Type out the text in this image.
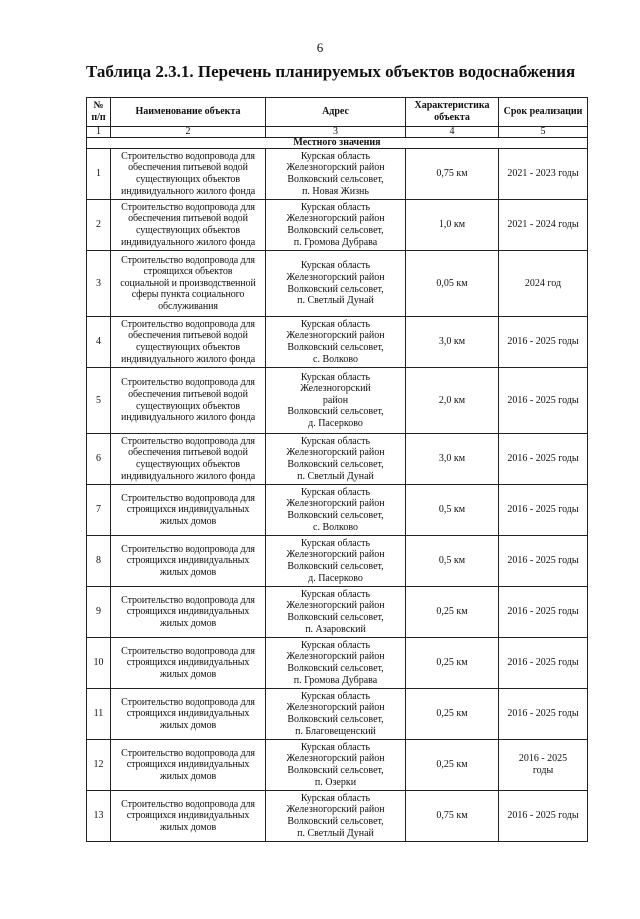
6
Таблица 2.3.1. Перечень планируемых объектов водоснабжения
№ п/п	Наименование объекта	Адрес	Характеристика объекта	Срок реализации
1	2	3	4	5
Местного значения				
1	Строительство водопровода для
обеспечения питьевой водой
существующих объектов
индивидуального жилого фонда	Курская область
Железногорский район
Волковский сельсовет,
п. Новая Жизнь	0,75 км	2021 - 2023 годы
2	Строительство водопровода для
обеспечения питьевой водой
существующих объектов
индивидуального жилого фонда	Курская область
Железногорский район
Волковский сельсовет,
п. Громова Дубрава	1,0 км	2021 - 2024 годы
3	Строительство водопровода для
строящихся объектов
социальной и производственной
сферы пункта социального
обслуживания	Курская область
Железногорский район
Волковский сельсовет,
п. Светлый Дунай	0,05 км	2024 год
4	Строительство водопровода для
обеспечения питьевой водой
существующих объектов
индивидуального жилого фонда	Курская область
Железногорский район
Волковский сельсовет,
с. Волково	3,0 км	2016 - 2025 годы
5	Строительство водопровода для
обеспечения питьевой водой
существующих объектов
индивидуального жилого фонда	Курская область
Железногорский
район
Волковский сельсовет,
д. Пасерково	2,0 км	2016 - 2025 годы
6	Строительство водопровода для
обеспечения питьевой водой
существующих объектов
индивидуального жилого фонда	Курская область
Железногорский район
Волковский сельсовет,
п. Светлый Дунай	3,0 км	2016 - 2025 годы
7	Строительство водопровода для
строящихся индивидуальных
жилых домов	Курская область
Железногорский район
Волковский сельсовет,
с. Волково	0,5 км	2016 - 2025 годы
8	Строительство водопровода для
строящихся индивидуальных
жилых домов	Курская область
Железногорский район
Волковский сельсовет,
д. Пасерково	0,5 км	2016 - 2025 годы
9	Строительство водопровода для
строящихся индивидуальных
жилых домов	Курская область
Железногорский район
Волковский сельсовет,
п. Азаровский	0,25 км	2016 - 2025 годы
10	Строительство водопровода для
строящихся индивидуальных
жилых домов	Курская область
Железногорский район
Волковский сельсовет,
п. Громова Дубрава	0,25 км	2016 - 2025 годы
11	Строительство водопровода для
строящихся индивидуальных
жилых домов	Курская область
Железногорский район
Волковский сельсовет,
п. Благовещенский	0,25 км	2016 - 2025 годы
12	Строительство водопровода для
строящихся индивидуальных
жилых домов	Курская область
Железногорский район
Волковский сельсовет,
п. Озерки	0,25 км	2016 - 2025
годы
13	Строительство водопровода для
строящихся индивидуальных
жилых домов	Курская область
Железногорский район
Волковский сельсовет,
п. Светлый Дунай	0,75 км	2016 - 2025 годы
